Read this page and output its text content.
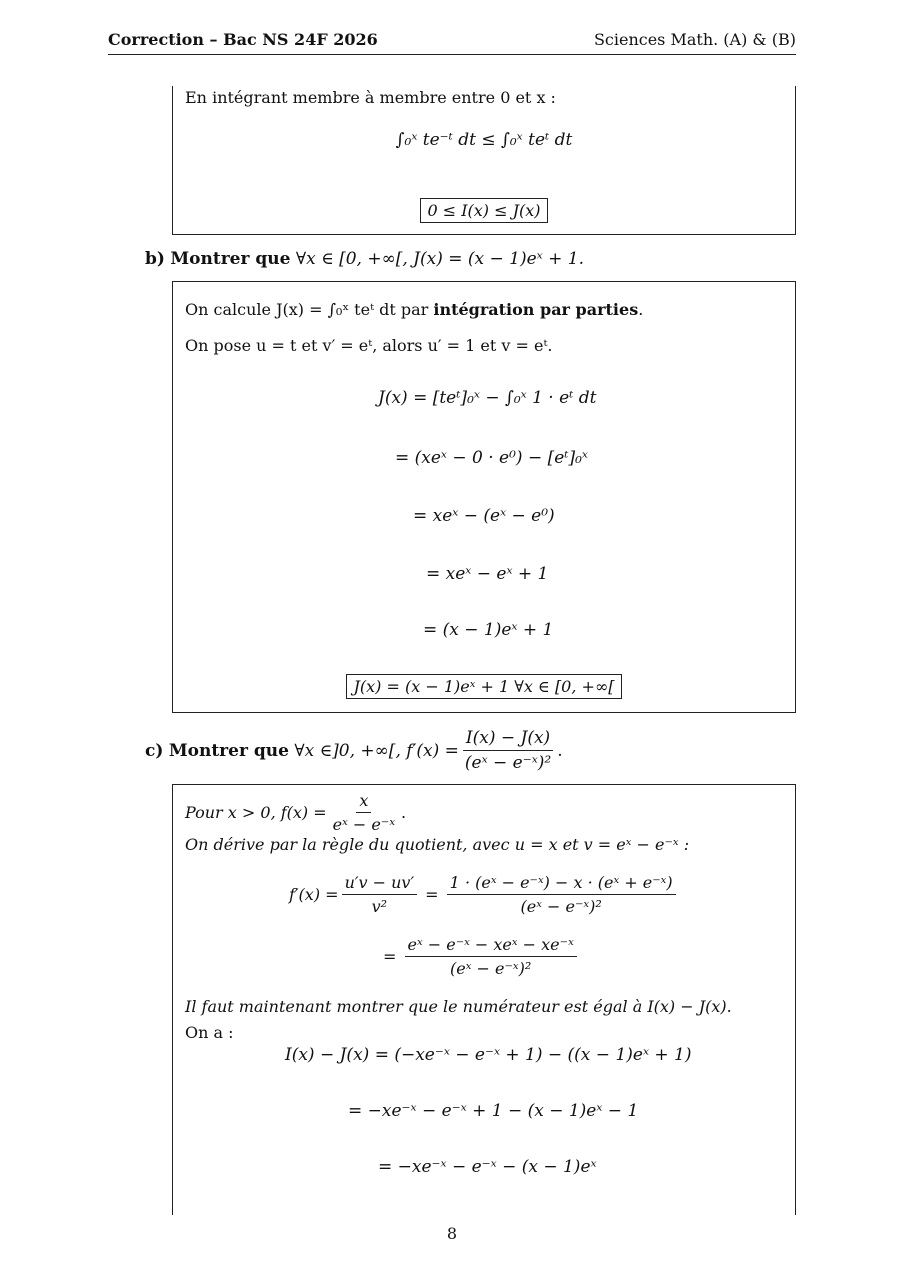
Correction – Bac NS 24F 2026	Sciences Math. (A) & (B)
En intégrant membre à membre entre 0 et x :
∫₀ˣ te⁻ᵗ dt ≤ ∫₀ˣ teᵗ dt
0 ≤ I(x) ≤ J(x)
b) Montrer que ∀x ∈ [0, +∞[, J(x) = (x − 1)eˣ + 1.
On calcule J(x) = ∫₀ˣ teᵗ dt par intégration par parties.
On pose u = t et v′ = eᵗ, alors u′ = 1 et v = eᵗ.
J(x) = [teᵗ]₀ˣ − ∫₀ˣ 1 · eᵗ dt
= (xeˣ − 0 · e⁰) − [eᵗ]₀ˣ
= xeˣ − (eˣ − e⁰)
= xeˣ − eˣ + 1
= (x − 1)eˣ + 1
J(x) = (x − 1)eˣ + 1 ∀x ∈ [0, +∞[
c)
Montrer que
∀x ∈]0, +∞[, $f'(x) = \frac{I(x) - J(x)}{\text{(eˣ − e⁻ˣ)²}}$ .
Pour x > 0, $f(x) = \frac{x}{\text{eˣ − e⁻ˣ}}$ .
On dérive par la règle du quotient, avec u = x et v = eˣ − e⁻ˣ :
$f'(x) = \frac{u'v - uv'}{\text{v²}} = \frac{\text{1 · (eˣ − e⁻ˣ) − x · (eˣ + e⁻ˣ)}}{\text{(eˣ − e⁻ˣ)²}}$
= $\frac{\text{eˣ − e⁻ˣ − xeˣ − xe⁻ˣ}}{\text{(eˣ − e⁻ˣ)²}}$
Il faut maintenant montrer que le numérateur est égal à I(x) − J(x).
On a :
I(x) − J(x) = (−xe⁻ˣ − e⁻ˣ + 1) − ((x − 1)eˣ + 1)
= −xe⁻ˣ − e⁻ˣ + 1 − (x − 1)eˣ − 1
= −xe⁻ˣ − e⁻ˣ − (x − 1)eˣ
8
